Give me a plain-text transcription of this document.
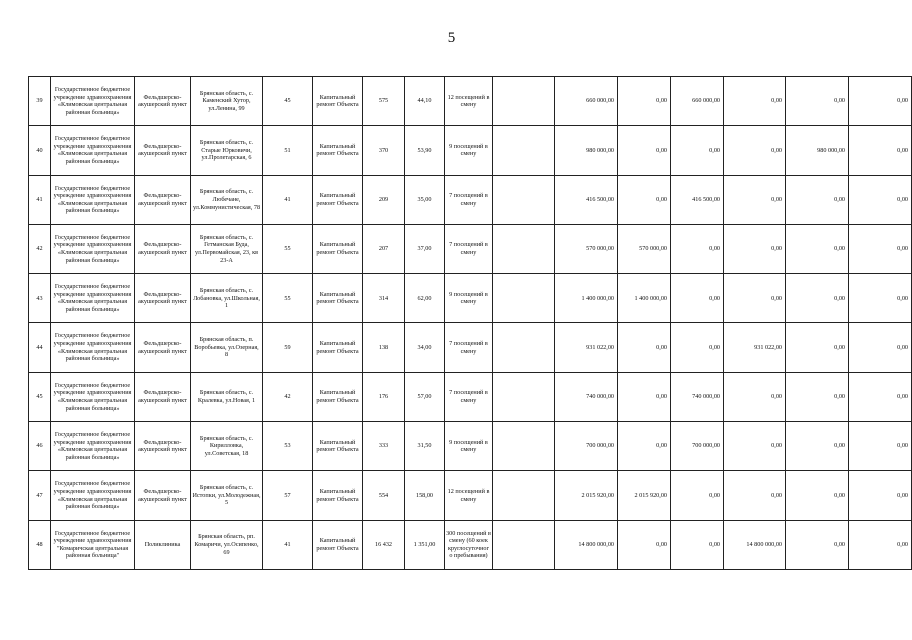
5
39	Государственное бюджетное учреждение здравоохранения «Климовская центральная районная больница»	Фельдшерско-акушерский пункт	Брянская область, с. Каменский Хутор, ул.Ленина, 99	45	Капитальный ремонт Объекта	575	44,10	12 посещений в смену		660 000,00	0,00	660 000,00	0,00	0,00	0,00
40	Государственное бюджетное учреждение здравоохранения «Климовская центральная районная больница»	Фельдшерско-акушерский пункт	Брянская область, с. Старые Юрковичи, ул.Пролетарская, 6	51	Капитальный ремонт Объекта	370	53,90	9 посещений в смену		980 000,00	0,00	0,00	0,00	980 000,00	0,00
41	Государственное бюджетное учреждение здравоохранения «Климовская центральная районная больница»	Фельдшерско-акушерский пункт	Брянская область, с. Любечане, ул.Коммунистическая, 78	41	Капитальный ремонт Объекта	209	35,00	7 посещений в смену		416 500,00	0,00	416 500,00	0,00	0,00	0,00
42	Государственное бюджетное учреждение здравоохранения «Климовская центральная районная больница»	Фельдшерско-акушерский пункт	Брянская область, с. Гетманская Буда, ул.Первомайская, 23, кв 23-А	55	Капитальный ремонт Объекта	207	37,00	7 посещений в смену		570 000,00	570 000,00	0,00	0,00	0,00	0,00
43	Государственное бюджетное учреждение здравоохранения «Климовская центральная районная больница»	Фельдшерско-акушерский пункт	Брянская область, с. Лобановка, ул.Школьная, 1	55	Капитальный ремонт Объекта	314	62,00	9 посещений в смену		1 400 000,00	1 400 000,00	0,00	0,00	0,00	0,00
44	Государственное бюджетное учреждение здравоохранения «Климовская центральная районная больница»	Фельдшерско-акушерский пункт	Брянская область, п. Воробьевка, ул.Озерная, 8	59	Капитальный ремонт Объекта	138	34,00	7 посещений в смену		931 022,00	0,00	0,00	931 022,00	0,00	0,00
45	Государственное бюджетное учреждение здравоохранения «Климовская центральная районная больница»	Фельдшерско-акушерский пункт	Брянская область, с. Кралевка, ул.Новая, 1	42	Капитальный ремонт Объекта	176	57,00	7 посещений в смену		740 000,00	0,00	740 000,00	0,00	0,00	0,00
46	Государственное бюджетное учреждение здравоохранения «Климовская центральная районная больница»	Фельдшерско-акушерский пункт	Брянская область, с. Кирилловка, ул.Советская, 18	53	Капитальный ремонт Объекта	333	31,50	9 посещений в смену		700 000,00	0,00	700 000,00	0,00	0,00	0,00
47	Государственное бюджетное учреждение здравоохранения «Климовская центральная районная больница»	Фельдшерско-акушерский пункт	Брянская область, с. Истопки, ул.Молодежная, 5	57	Капитальный ремонт Объекта	554	158,00	12 посещений в смену		2 015 920,00	2 015 920,00	0,00	0,00	0,00	0,00
48	Государственное бюджетное учреждение здравоохранения "Комаричская центральная районная больница"	Поликлиника	Брянская область, рп. Комаричи, ул.Осипенко, 69	41	Капитальный ремонт Объекта	16 432	1 351,00	300 посещений в смену (60 коек круглосуточног о пребывания)		14 800 000,00	0,00	0,00	14 800 000,00	0,00	0,00
